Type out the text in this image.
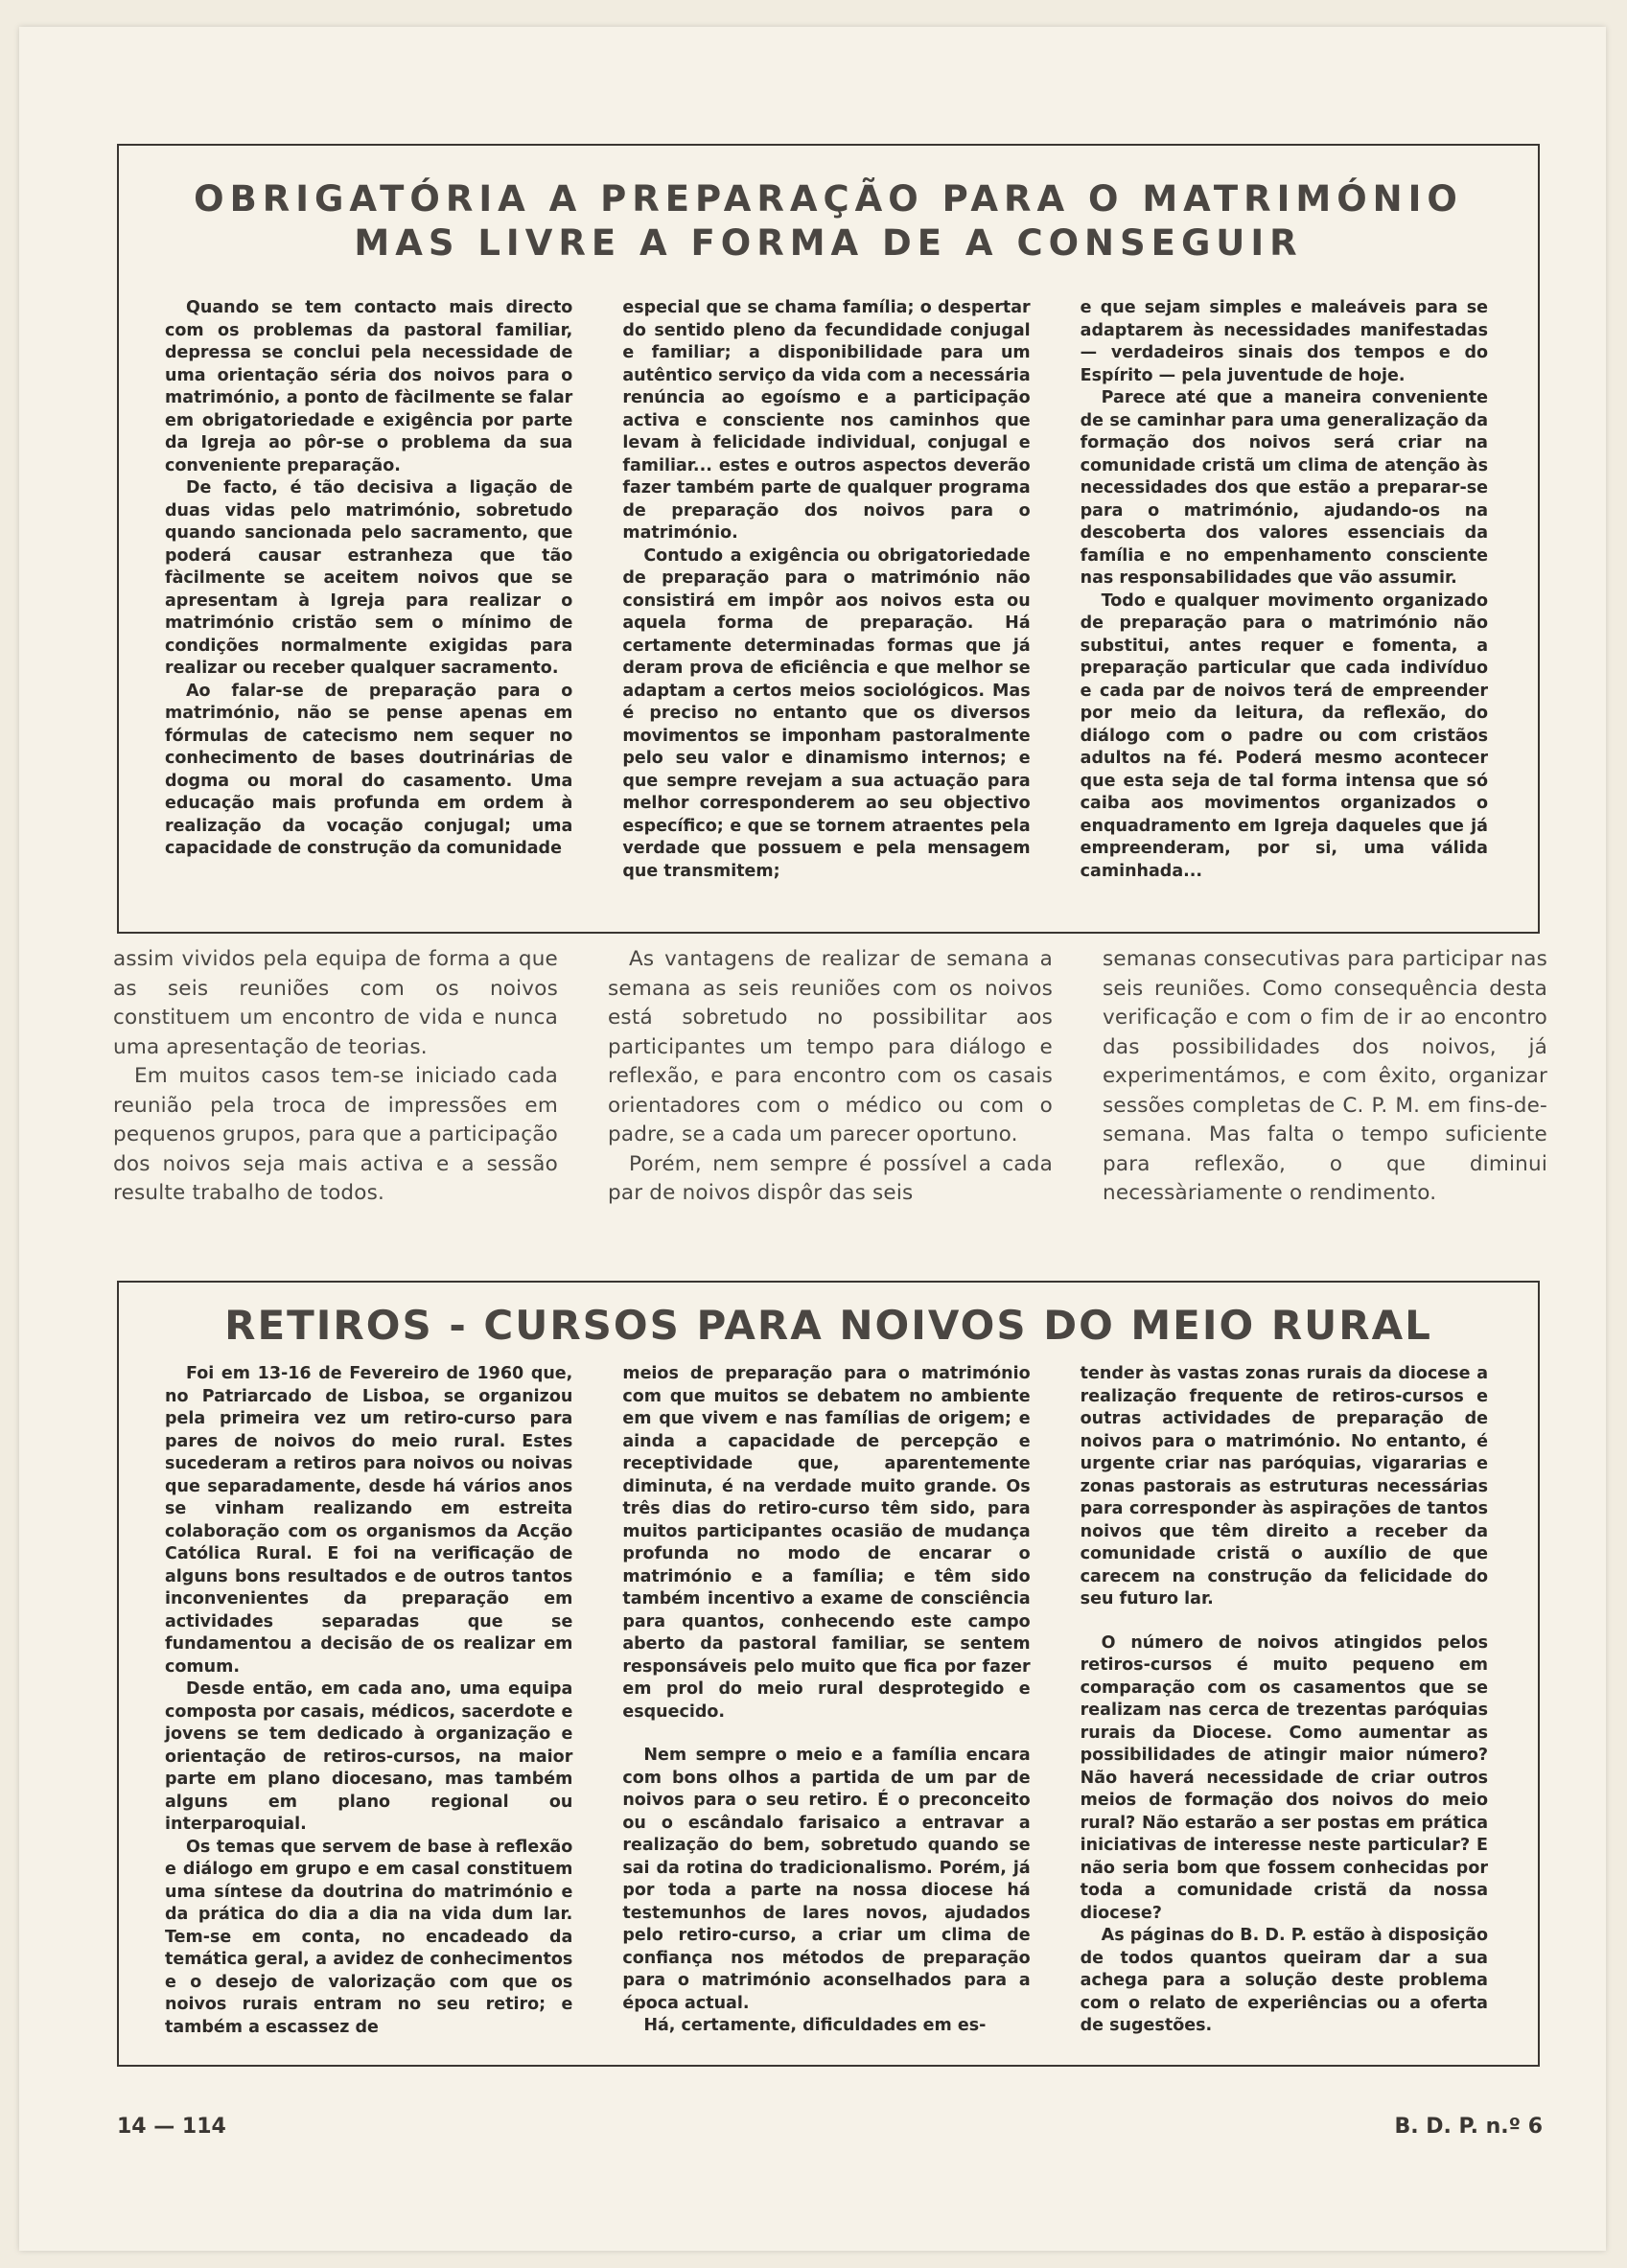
OBRIGATÓRIA A PREPARAÇÃO PARA O MATRIMÓNIO
MAS LIVRE A FORMA DE A CONSEGUIR

Quando se tem contacto mais directo com os problemas da pastoral familiar, depressa se conclui pela necessidade de uma orientação séria dos noivos para o matrimónio, a ponto de fàcilmente se falar em obrigatoriedade e exigência por parte da Igreja ao pôr-se o problema da sua conveniente preparação.

De facto, é tão decisiva a ligação de duas vidas pelo matrimónio, sobretudo quando sancionada pelo sacramento, que poderá causar estranheza que tão fàcilmente se aceitem noivos que se apresentam à Igreja para realizar o matrimónio cristão sem o mínimo de condições normalmente exigidas para realizar ou receber qualquer sacramento.

Ao falar-se de preparação para o matrimónio, não se pense apenas em fórmulas de catecismo nem sequer no conhecimento de bases doutrinárias de dogma ou moral do casamento. Uma educação mais profunda em ordem à realização da vocação conjugal; uma capacidade de construção da comunidade

especial que se chama família; o despertar do sentido pleno da fecundidade conjugal e familiar; a disponibilidade para um autêntico serviço da vida com a necessária renúncia ao egoísmo e a participação activa e consciente nos caminhos que levam à felicidade individual, conjugal e familiar... estes e outros aspectos deverão fazer também parte de qualquer programa de preparação dos noivos para o matrimónio.

Contudo a exigência ou obrigatoriedade de preparação para o matrimónio não consistirá em impôr aos noivos esta ou aquela forma de preparação. Há certamente determinadas formas que já deram prova de eficiência e que melhor se adaptam a certos meios sociológicos. Mas é preciso no entanto que os diversos movimentos se imponham pastoralmente pelo seu valor e dinamismo internos; e que sempre revejam a sua actuação para melhor corresponderem ao seu objectivo específico; e que se tornem atraentes pela verdade que possuem e pela mensagem que transmitem;

e que sejam simples e maleáveis para se adaptarem às necessidades manifestadas — verdadeiros sinais dos tempos e do Espírito — pela juventude de hoje.

Parece até que a maneira conveniente de se caminhar para uma generalização da formação dos noivos será criar na comunidade cristã um clima de atenção às necessidades dos que estão a preparar-se para o matrimónio, ajudando-os na descoberta dos valores essenciais da família e no empenhamento consciente nas responsabilidades que vão assumir.

Todo e qualquer movimento organizado de preparação para o matrimónio não substitui, antes requer e fomenta, a preparação particular que cada indivíduo e cada par de noivos terá de empreender por meio da leitura, da reflexão, do diálogo com o padre ou com cristãos adultos na fé. Poderá mesmo acontecer que esta seja de tal forma intensa que só caiba aos movimentos organizados o enquadramento em Igreja daqueles que já empreenderam, por si, uma válida caminhada...

assim vividos pela equipa de forma a que as seis reuniões com os noivos constituem um encontro de vida e nunca uma apresentação de teorias.

Em muitos casos tem-se iniciado cada reunião pela troca de impressões em pequenos grupos, para que a participação dos noivos seja mais activa e a sessão resulte trabalho de todos.

As vantagens de realizar de semana a semana as seis reuniões com os noivos está sobretudo no possibilitar aos participantes um tempo para diálogo e reflexão, e para encontro com os casais orientadores com o médico ou com o padre, se a cada um parecer oportuno.

Porém, nem sempre é possível a cada par de noivos dispôr das seis

semanas consecutivas para participar nas seis reuniões. Como consequência desta verificação e com o fim de ir ao encontro das possibilidades dos noivos, já experimentámos, e com êxito, organizar sessões completas de C. P. M. em fins-de-semana. Mas falta o tempo suficiente para reflexão, o que diminui necessàriamente o rendimento.

RETIROS - CURSOS PARA NOIVOS DO MEIO RURAL

Foi em 13-16 de Fevereiro de 1960 que, no Patriarcado de Lisboa, se organizou pela primeira vez um retiro-curso para pares de noivos do meio rural. Estes sucederam a retiros para noivos ou noivas que separadamente, desde há vários anos se vinham realizando em estreita colaboração com os organismos da Acção Católica Rural. E foi na verificação de alguns bons resultados e de outros tantos inconvenientes da preparação em actividades separadas que se fundamentou a decisão de os realizar em comum.

Desde então, em cada ano, uma equipa composta por casais, médicos, sacerdote e jovens se tem dedicado à organização e orientação de retiros-cursos, na maior parte em plano diocesano, mas também alguns em plano regional ou interparoquial.

Os temas que servem de base à reflexão e diálogo em grupo e em casal constituem uma síntese da doutrina do matrimónio e da prática do dia a dia na vida dum lar. Tem-se em conta, no encadeado da temática geral, a avidez de conhecimentos e o desejo de valorização com que os noivos rurais entram no seu retiro; e também a escassez de

meios de preparação para o matrimónio com que muitos se debatem no ambiente em que vivem e nas famílias de origem; e ainda a capacidade de percepção e receptividade que, aparentemente diminuta, é na verdade muito grande. Os três dias do retiro-curso têm sido, para muitos participantes ocasião de mudança profunda no modo de encarar o matrimónio e a família; e têm sido também incentivo a exame de consciência para quantos, conhecendo este campo aberto da pastoral familiar, se sentem responsáveis pelo muito que fica por fazer em prol do meio rural desprotegido e esquecido.

Nem sempre o meio e a família encara com bons olhos a partida de um par de noivos para o seu retiro. É o preconceito ou o escândalo farisaico a entravar a realização do bem, sobretudo quando se sai da rotina do tradicionalismo. Porém, já por toda a parte na nossa diocese há testemunhos de lares novos, ajudados pelo retiro-curso, a criar um clima de confiança nos métodos de preparação para o matrimónio aconselhados para a época actual.

Há, certamente, dificuldades em es-

tender às vastas zonas rurais da diocese a realização frequente de retiros-cursos e outras actividades de preparação de noivos para o matrimónio. No entanto, é urgente criar nas paróquias, vigararias e zonas pastorais as estruturas necessárias para corresponder às aspirações de tantos noivos que têm direito a receber da comunidade cristã o auxílio de que carecem na construção da felicidade do seu futuro lar.

O número de noivos atingidos pelos retiros-cursos é muito pequeno em comparação com os casamentos que se realizam nas cerca de trezentas paróquias rurais da Diocese. Como aumentar as possibilidades de atingir maior número? Não haverá necessidade de criar outros meios de formação dos noivos do meio rural? Não estarão a ser postas em prática iniciativas de interesse neste particular? E não seria bom que fossem conhecidas por toda a comunidade cristã da nossa diocese?

As páginas do B. D. P. estão à disposição de todos quantos queiram dar a sua achega para a solução deste problema com o relato de experiências ou a oferta de sugestões.

14 — 114	B. D. P. n.º 6
